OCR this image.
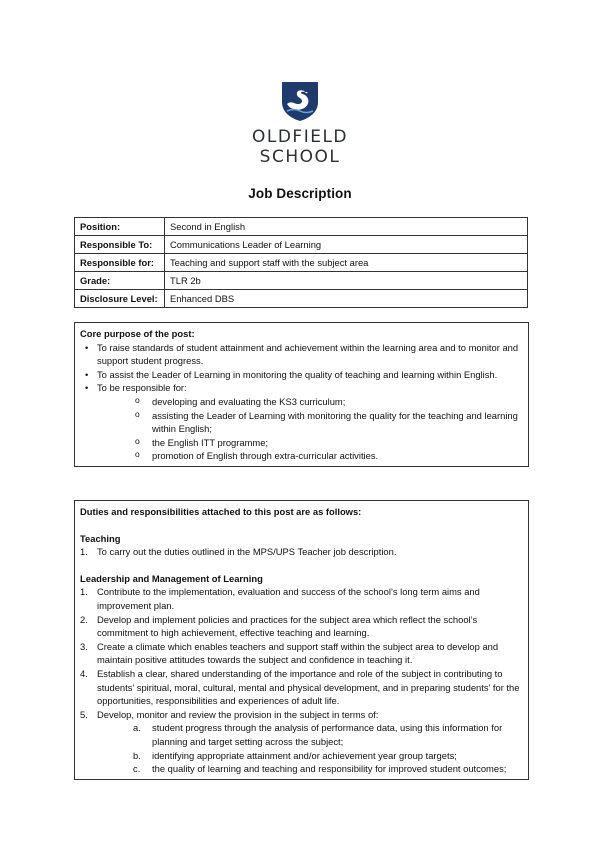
OLDFIELD
SCHOOL
Job Description
Position:	Second in English
Responsible To:	Communications Leader of Learning
Responsible for:	Teaching and support staff with the subject area
Grade:	TLR 2b
Disclosure Level:	Enhanced DBS

Core purpose of the post:

• To raise standards of student attainment and achievement within the learning area and to monitor and support student progress.
• To assist the Leader of Learning in monitoring the quality of teaching and learning within English.
• To be responsible for:
o developing and evaluating the KS3 curriculum;
o assisting the Leader of Learning with monitoring the quality for the teaching and learning within English;
o the English ITT programme;
o promotion of English through extra-curricular activities.

Duties and responsibilities attached to this post are as follows:

Teaching

1. To carry out the duties outlined in the MPS/UPS Teacher job description.

Leadership and Management of Learning

1. Contribute to the implementation, evaluation and success of the school’s long term aims and improvement plan.
2. Develop and implement policies and practices for the subject area which reflect the school’s commitment to high achievement, effective teaching and learning.
3. Create a climate which enables teachers and support staff within the subject area to develop and maintain positive attitudes towards the subject and confidence in teaching it.
4. Establish a clear, shared understanding of the importance and role of the subject in contributing to students’ spiritual, moral, cultural, mental and physical development, and in preparing students’ for the opportunities, responsibilities and experiences of adult life.
5. Develop, monitor and review the provision in the subject in terms of:
a. student progress through the analysis of performance data, using this information for planning and target setting across the subject;
b. identifying appropriate attainment and/or achievement year group targets;
c. the quality of learning and teaching and responsibility for improved student outcomes;
